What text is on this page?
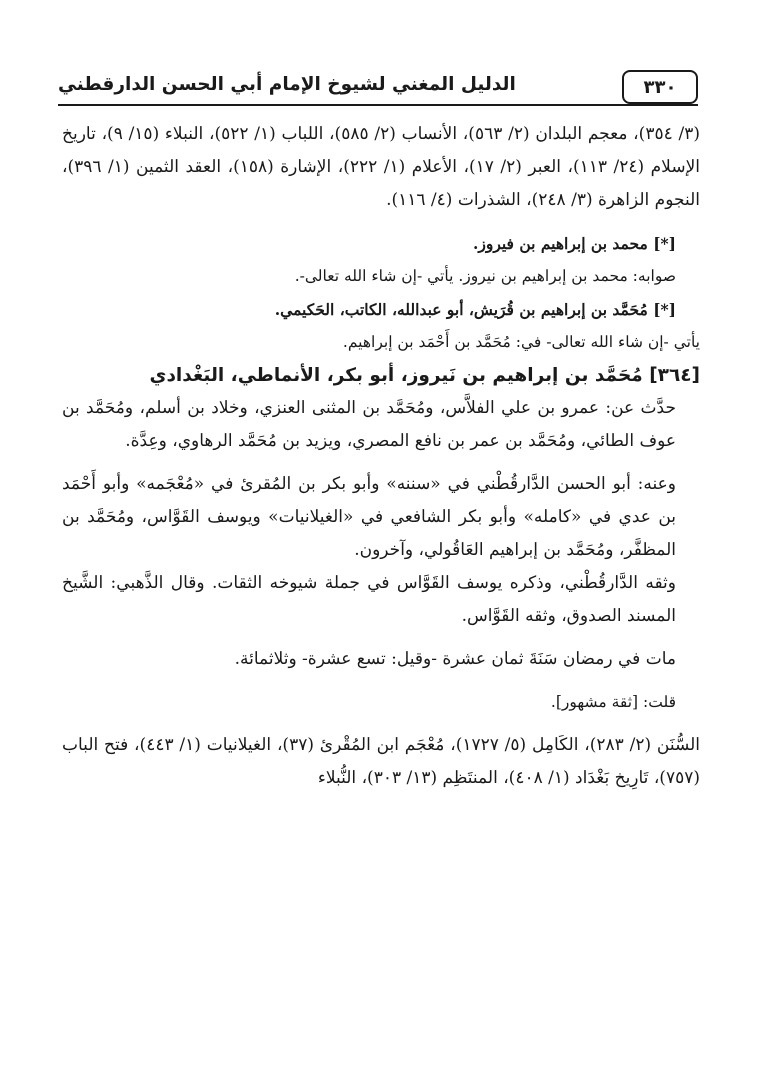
٣٣٠
الدليل المغني لشيوخ الإمام أبي الحسن الدارقطني

(٣/ ٣٥٤)، معجم البلدان (٢/ ٥٦٣)، الأنساب (٢/ ٥٨٥)، اللباب (١/ ٥٢٢)، النبلاء (١٥/ ٩)، تاريخ الإسلام (٢٤/ ١١٣)، العبر (٢/ ١٧)، الأعلام (١/ ٢٢٢)، الإشارة (١٥٨)، العقد الثمين (١/ ٣٩٦)، النجوم الزاهرة (٣/ ٢٤٨)، الشذرات (٤/ ١١٦).

[*] محمد بن إبراهيم بن فيروز.

صوابه: محمد بن إبراهيم بن نيروز. يأتي -إن شاء الله تعالى-.

[*] مُحَمَّد بن إبراهيم بن قُرَيش، أبو عبدالله، الكاتب، الحَكيمي.

يأتي -إن شاء الله تعالى- في: مُحَمَّد بن أَحْمَد بن إبراهيم.

[٣٦٤] مُحَمَّد بن إبراهيم بن نَيروز، أبو بكر، الأنماطي، البَغْدادي

حدَّث عن: عمرو بن علي الفلاَّس، ومُحَمَّد بن المثنى العنزي، وخلاد بن أسلم، ومُحَمَّد بن عوف الطائي، ومُحَمَّد بن عمر بن نافع المصري، ويزيد بن مُحَمَّد الرهاوي، وعِدَّة.

وعنه: أبو الحسن الدَّارقُطْني في «سننه» وأبو بكر بن المُقرئ في «مُعْجَمه» وأبو أَحْمَد بن عدي في «كامله» وأبو بكر الشافعي في «الغيلانيات» ويوسف القَوَّاس، ومُحَمَّد بن المظفَّر، ومُحَمَّد بن إبراهيم العَاقُولي، وآخرون.

وثقه الدَّارقُطْني، وذكره يوسف القَوَّاس في جملة شيوخه الثقات. وقال الذَّهبي: الشَّيخ المسند الصدوق، وثقه القَوَّاس.

مات في رمضان سَنَةَ ثمان عشرة -وقيل: تسع عشرة- وثلاثمائة.

قلت: [ثقة مشهور].

السُّنَن (٢/ ٢٨٣)، الكَامِل (٥/ ١٧٢٧)، مُعْجَم ابن المُقْرئ (٣٧)، الغيلانيات (١/ ٤٤٣)، فتح الباب (٧٥٧)، تَارِيخ بَغْدَاد (١/ ٤٠٨)، المنتَظِم (١٣/ ٣٠٣)، النُّبلاء
